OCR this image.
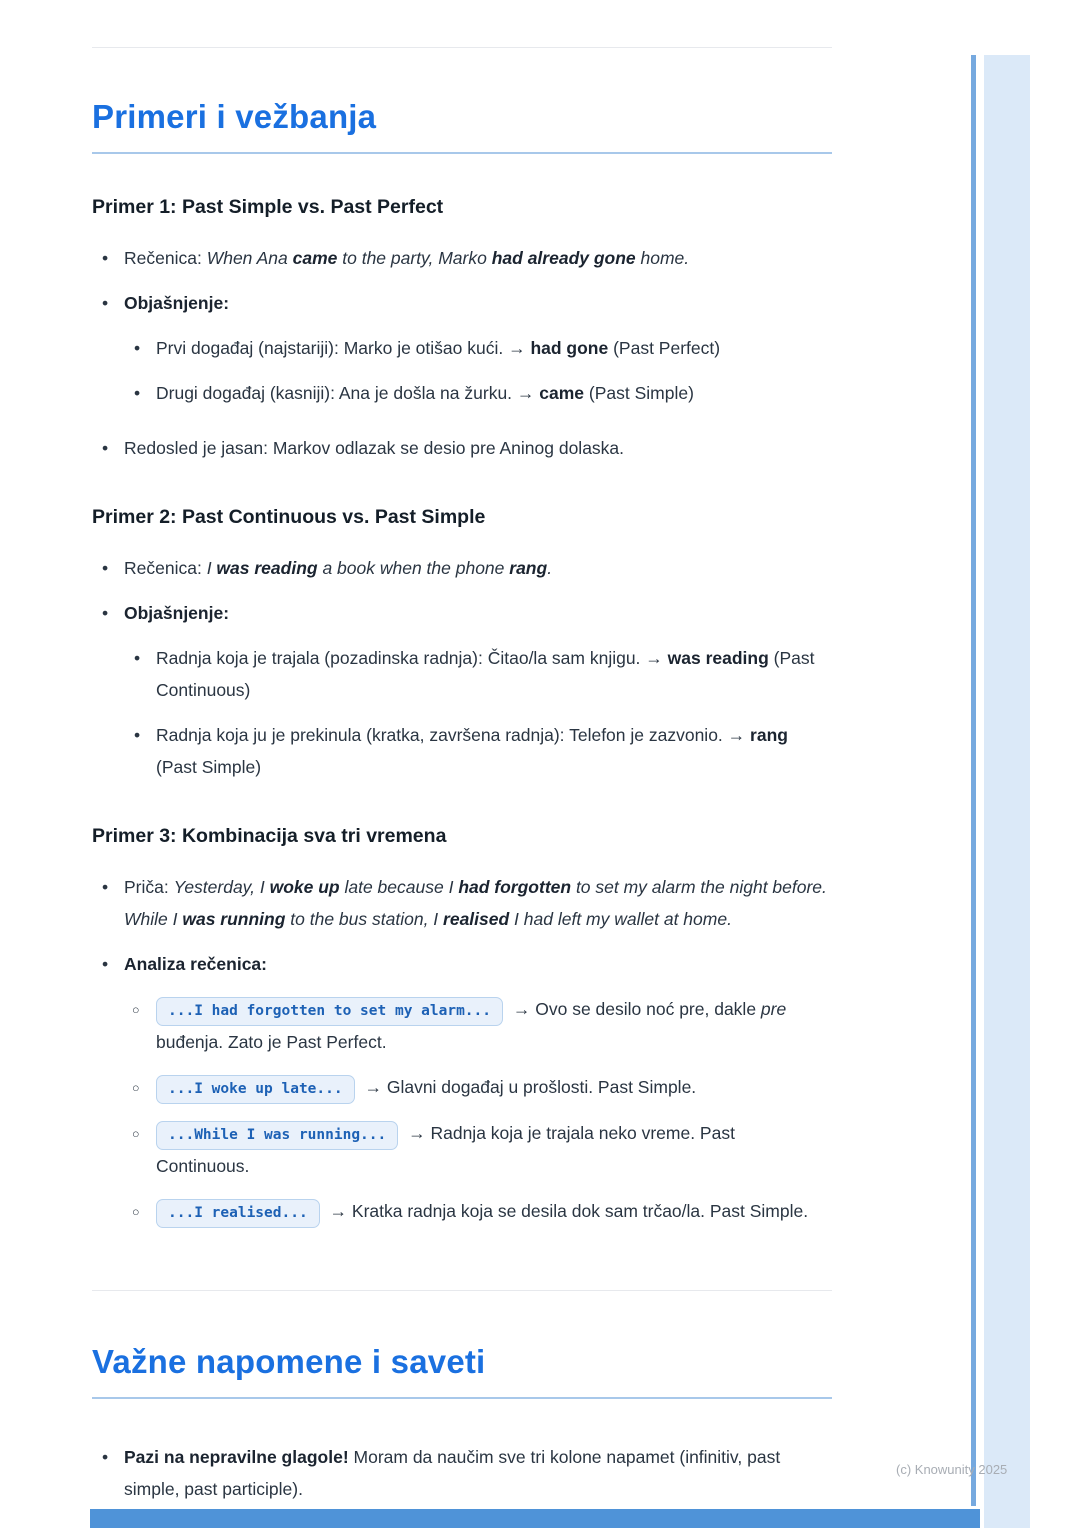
Primeri i vežbanja
Primer 1: Past Simple vs. Past Perfect
• Rečenica: When Ana came to the party, Marko had already gone home.
• Objašnjenje:
• Prvi događaj (najstariji): Marko je otišao kući. → had gone (Past Perfect)
• Drugi događaj (kasniji): Ana je došla na žurku. → came (Past Simple)
• Redosled je jasan: Markov odlazak se desio pre Aninog dolaska.
Primer 2: Past Continuous vs. Past Simple
• Rečenica: I was reading a book when the phone rang.
• Objašnjenje:
• Radnja koja je trajala (pozadinska radnja): Čitao/la sam knjigu. → was reading (Past Continuous)
• Radnja koja ju je prekinula (kratka, završena radnja): Telefon je zazvonio. → rang (Past Simple)
Primer 3: Kombinacija sva tri vremena
• Priča: Yesterday, I woke up late because I had forgotten to set my alarm the night before. While I was running to the bus station, I realised I had left my wallet at home.
• Analiza rečenica:
○ ...I had forgotten to set my alarm... → Ovo se desilo noć pre, dakle pre buđenja. Zato je Past Perfect.
○ ...I woke up late... → Glavni događaj u prošlosti. Past Simple.
○ ...While I was running... → Radnja koja je trajala neko vreme. Past Continuous.
○ ...I realised... → Kratka radnja koja se desila dok sam trčao/la. Past Simple.
Važne napomene i saveti
• Pazi na nepravilne glagole! Moram da naučim sve tri kolone napamet (infinitiv, past simple, past participle).
(c) Knowunity 2025
